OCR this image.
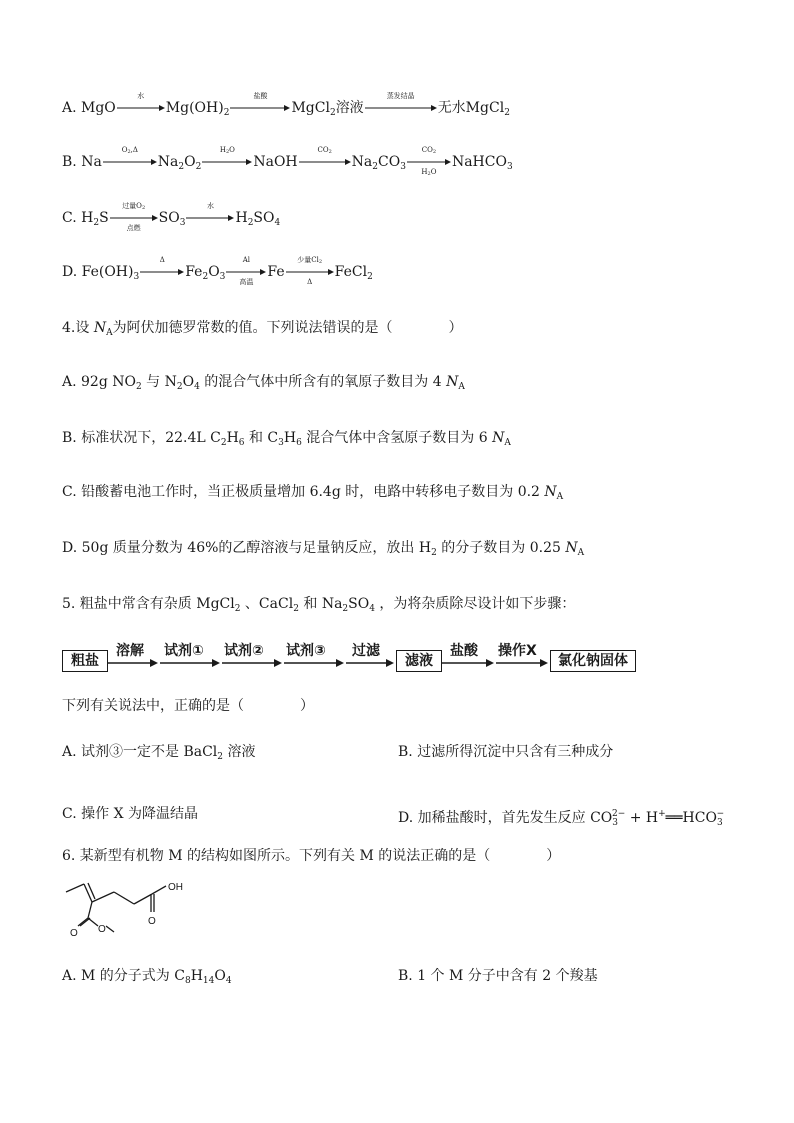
A. MgO
水
$Mg(OH)_2$
盐酸
MgCl$_2$溶液
蒸发结晶
无水MgCl$_2$
B. Na
$O_2,\Delta$
$Na_2O_2$
$H_2O$
NaOH
$CO_2$
$Na_2CO_3$
$CO_2$
$H_2O$
NaHCO$_3$
C. $H_2S$
过量$O_2$
点燃
$SO_3$
水
$H_2SO_4$
D. $Fe(OH)_3$
Δ
$Fe_2O_3$
Al
高温
Fe
少量$Cl_2$
Δ
FeCl$_2$
4.设 $N_A$为阿伏加德罗常数的值。下列说法错误的是（　　　　）
A. 92g $NO_2$ 与 $N_2O_4$ 的混合气体中所含有的氧原子数目为 4 $N_A$
B. 标准状况下，22.4L $C_2H_6$ 和 $C_3H_6$ 混合气体中含氢原子数目为 6 $N_A$
C. 铅酸蓄电池工作时，当正极质量增加 6.4g 时，电路中转移电子数目为 0.2 $N_A$
D. 50g 质量分数为 46%的乙醇溶液与足量钠反应，放出 $H_2$ 的分子数目为 0.25 $N_A$
5. 粗盐中常含有杂质 MgCl$_2$ 、CaCl$_2$ 和 $Na_2SO_4$ ，为将杂质除尽设计如下步骤：
粗盐
溶解 试剂① 试剂② 试剂③ 过滤
滤液
盐酸 操作X
氯化钠固体
下列有关说法中，正确的是（　　　　）
A. 试剂③一定不是 BaCl$_2$ 溶液	B. 过滤所得沉淀中只含有三种成分
C. 操作 X 为降温结晶	D. 加稀盐酸时，首先发生反应 $CO_3^{2-}$ + $H^+══HCO_3^-$
6. 某新型有机物 M 的结构如图所示。下列有关 M 的说法正确的是（　　　　）
OH
O
O O
A. M 的分子式为 $C_8H_{14}O_4$	B. 1 个 M 分子中含有 2 个羧基
